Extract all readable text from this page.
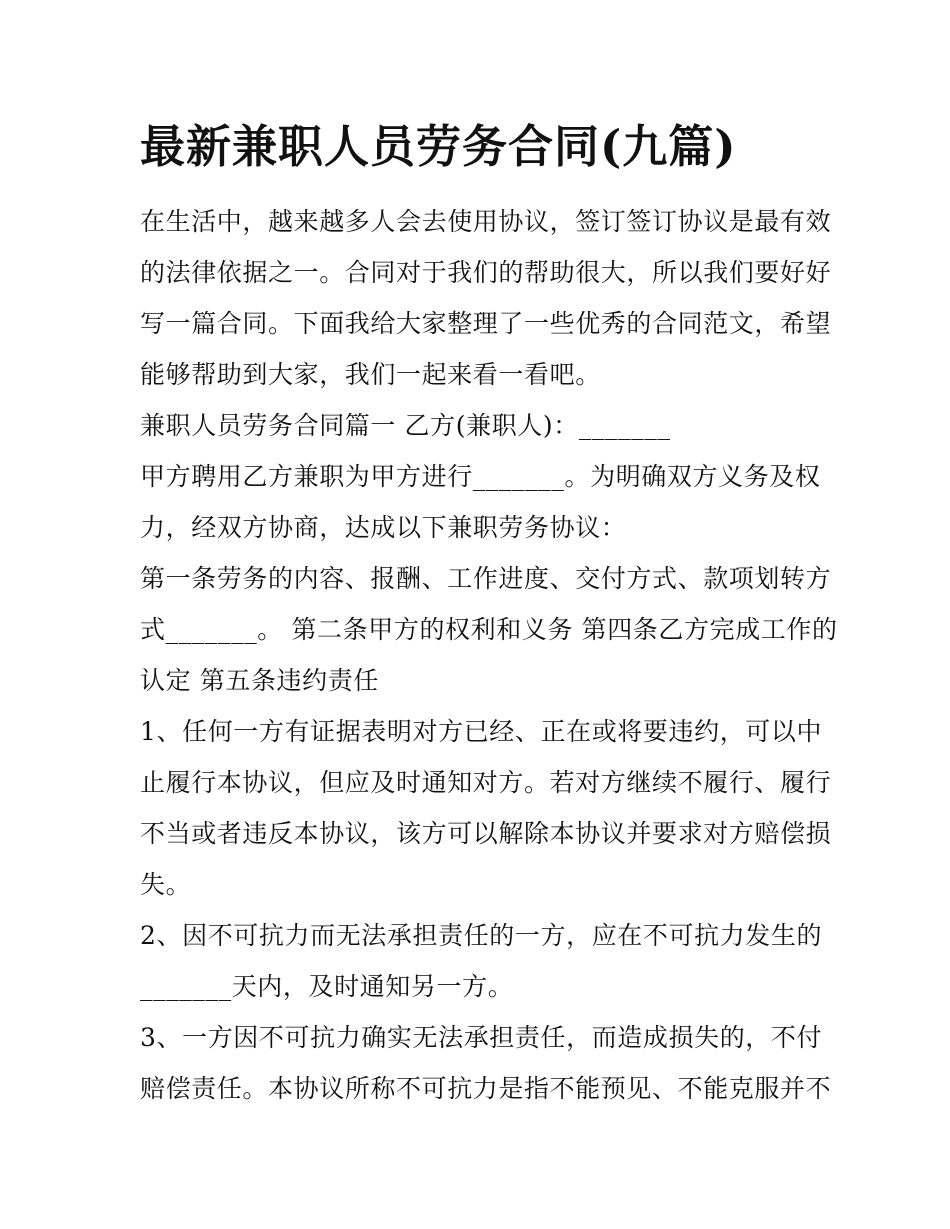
最新兼职人员劳务合同(九篇)
在生活中，越来越多人会去使用协议，签订签订协议是最有效
的法律依据之一。合同对于我们的帮助很大，所以我们要好好
写一篇合同。下面我给大家整理了一些优秀的合同范文，希望
能够帮助到大家，我们一起来看一看吧。
兼职人员劳务合同篇一 乙方(兼职人)：_______
甲方聘用乙方兼职为甲方进行_______。为明确双方义务及权
力，经双方协商，达成以下兼职劳务协议：
第一条劳务的内容、报酬、工作进度、交付方式、款项划转方
式_______。 第二条甲方的权利和义务 第四条乙方完成工作的
认定 第五条违约责任
1、任何一方有证据表明对方已经、正在或将要违约，可以中
止履行本协议，但应及时通知对方。若对方继续不履行、履行
不当或者违反本协议，该方可以解除本协议并要求对方赔偿损
失。
2、因不可抗力而无法承担责任的一方，应在不可抗力发生的
_______天内，及时通知另一方。
3、一方因不可抗力确实无法承担责任，而造成损失的，不付
赔偿责任。本协议所称不可抗力是指不能预见、不能克服并不
